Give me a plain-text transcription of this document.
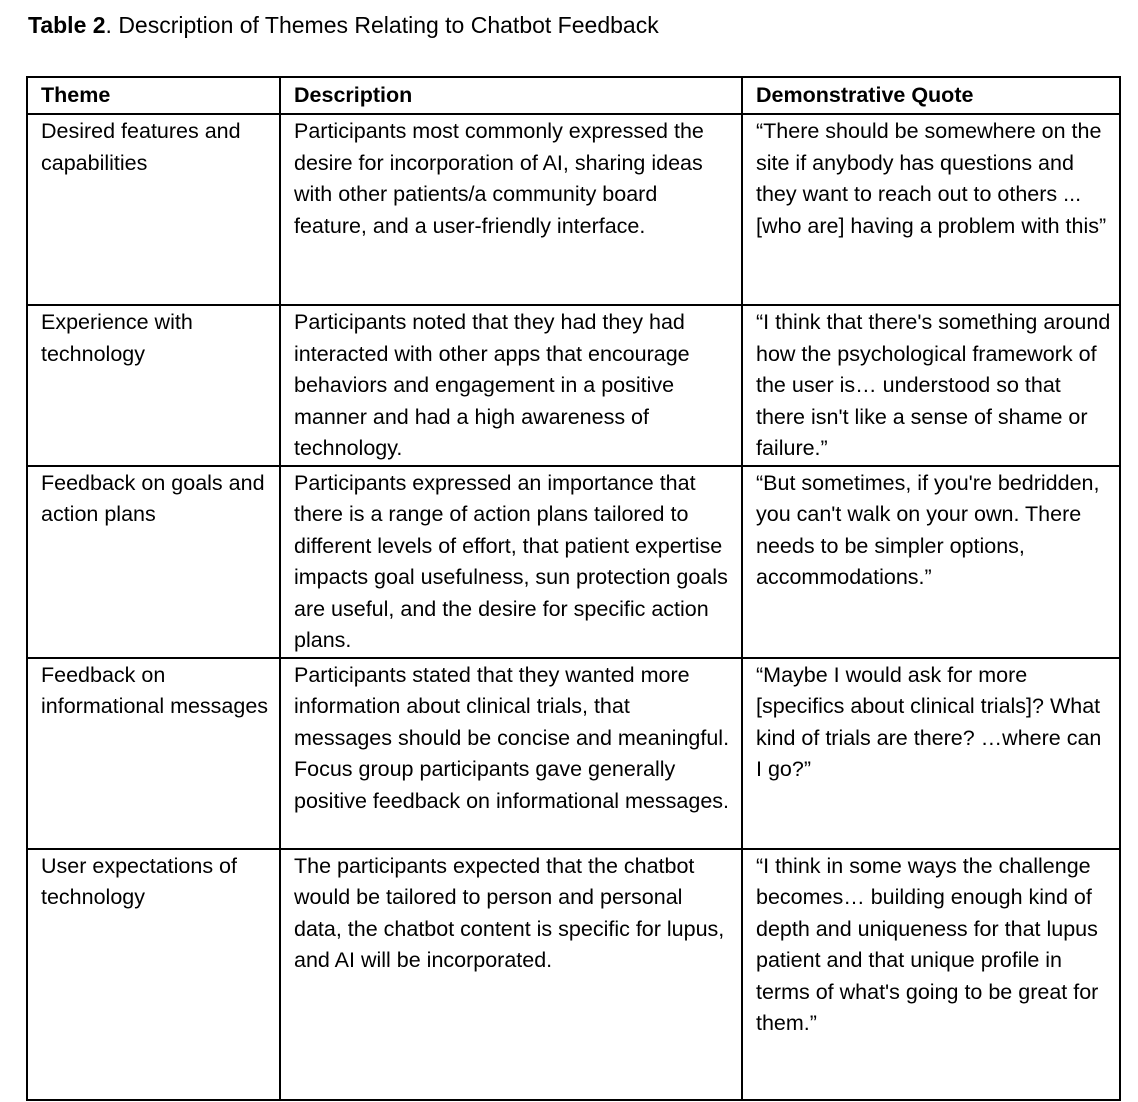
Table 2. Description of Themes Relating to Chatbot Feedback
Theme	Description	Demonstrative Quote
Desired features and capabilities	Participants most commonly expressed the desire for incorporation of AI, sharing ideas with other patients/a community board feature, and a user-friendly interface.	“There should be somewhere on the site if anybody has questions and they want to reach out to others ... [who are] having a problem with this”
Experience with technology	Participants noted that they had they had interacted with other apps that encourage behaviors and engagement in a positive manner and had a high awareness of technology.	“I think that there's something around how the psychological framework of the user is… understood so that there isn't like a sense of shame or failure.”
Feedback on goals and action plans	Participants expressed an importance that there is a range of action plans tailored to different levels of effort, that patient expertise impacts goal usefulness, sun protection goals are useful, and the desire for specific action plans.	“But sometimes, if you're bedridden, you can't walk on your own. There needs to be simpler options, accommodations.”
Feedback on informational messages	Participants stated that they wanted more information about clinical trials, that messages should be concise and meaningful. Focus group participants gave generally positive feedback on informational messages.	“Maybe I would ask for more [specifics about clinical trials]? What kind of trials are there? …where can I go?”
User expectations of technology	The participants expected that the chatbot would be tailored to person and personal data, the chatbot content is specific for lupus, and AI will be incorporated.	“I think in some ways the challenge becomes… building enough kind of depth and uniqueness for that lupus patient and that unique profile in terms of what's going to be great for them.”
